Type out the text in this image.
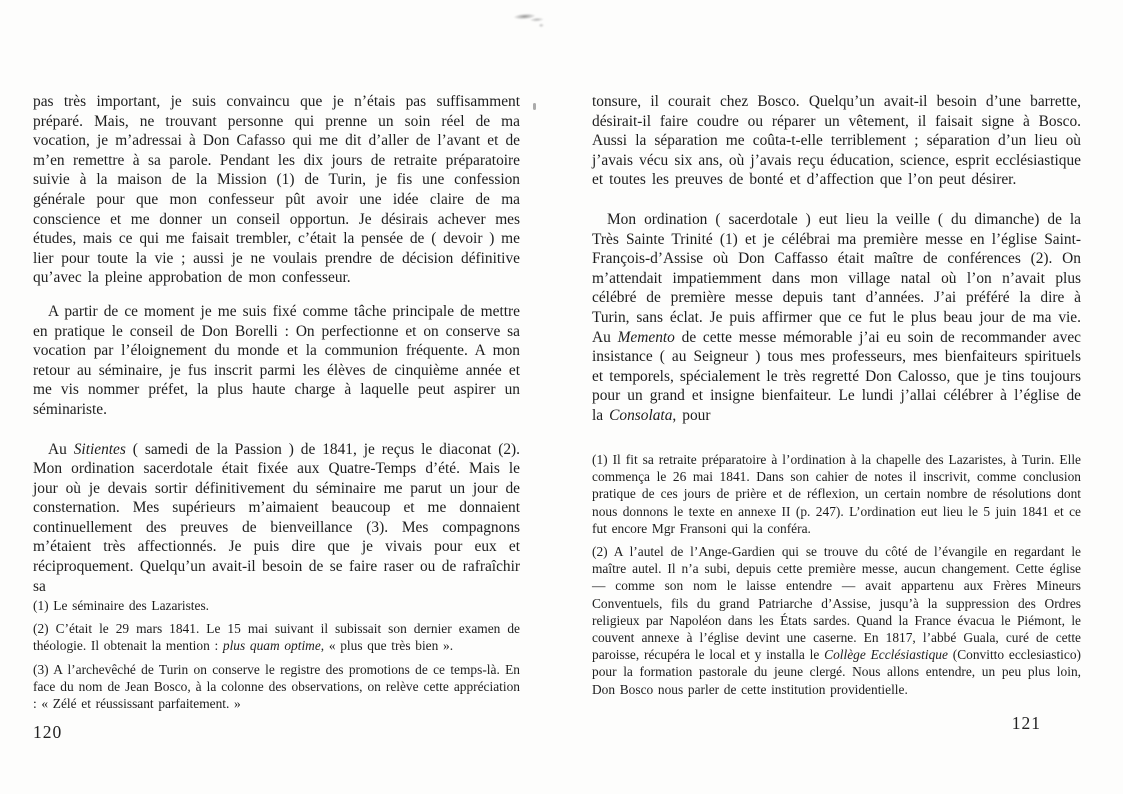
pas très important, je suis convaincu que je n’étais pas suffisamment préparé. Mais, ne trouvant personne qui prenne un soin réel de ma vocation, je m’adressai à Don Cafasso qui me dit d’aller de l’avant et de m’en remettre à sa parole. Pendant les dix jours de retraite préparatoire suivie à la maison de la Mission (1) de Turin, je fis une confession générale pour que mon confesseur pût avoir une idée claire de ma conscience et me donner un conseil opportun. Je désirais achever mes études, mais ce qui me faisait trembler, c’était la pensée de ( devoir ) me lier pour toute la vie ; aussi je ne voulais prendre de décision définitive qu’avec la pleine approbation de mon confesseur.

A partir de ce moment je me suis fixé comme tâche principale de mettre en pratique le conseil de Don Borelli : On perfectionne et on conserve sa vocation par l’éloignement du monde et la communion fréquente. A mon retour au séminaire, je fus inscrit parmi les élèves de cinquième année et me vis nommer préfet, la plus haute charge à laquelle peut aspirer un séminariste.

Au Sitientes ( samedi de la Passion ) de 1841, je reçus le diaconat (2). Mon ordination sacerdotale était fixée aux Quatre-Temps d’été. Mais le jour où je devais sortir définitivement du séminaire me parut un jour de consternation. Mes supérieurs m’aimaient beaucoup et me donnaient continuellement des preuves de bienveillance (3). Mes compagnons m’étaient très affectionnés. Je puis dire que je vivais pour eux et réciproquement. Quelqu’un avait-il besoin de se faire raser ou de rafraîchir sa

(1) Le séminaire des Lazaristes.

(2) C’était le 29 mars 1841. Le 15 mai suivant il subissait son dernier examen de théologie. Il obtenait la mention : plus quam optime, « plus que très bien ».

(3) A l’archevêché de Turin on conserve le registre des promotions de ce temps-là. En face du nom de Jean Bosco, à la colonne des observations, on relève cette appréciation : « Zélé et réussissant parfaitement. »

120

tonsure, il courait chez Bosco. Quelqu’un avait-il besoin d’une barrette, désirait-il faire coudre ou réparer un vêtement, il faisait signe à Bosco. Aussi la séparation me coûta-t-elle terriblement ; séparation d’un lieu où j’avais vécu six ans, où j’avais reçu éducation, science, esprit ecclésiastique et toutes les preuves de bonté et d’affection que l’on peut désirer.

Mon ordination ( sacerdotale ) eut lieu la veille ( du dimanche) de la Très Sainte Trinité (1) et je célébrai ma première messe en l’église Saint-François-d’Assise où Don Caffasso était maître de conférences (2). On m’attendait impatiemment dans mon village natal où l’on n’avait plus célébré de première messe depuis tant d’années. J’ai préféré la dire à Turin, sans éclat. Je puis affirmer que ce fut le plus beau jour de ma vie. Au Memento de cette messe mémorable j’ai eu soin de recommander avec insistance ( au Seigneur ) tous mes professeurs, mes bienfaiteurs spirituels et temporels, spécialement le très regretté Don Calosso, que je tins toujours pour un grand et insigne bienfaiteur. Le lundi j’allai célébrer à l’église de la Consolata, pour

(1) Il fit sa retraite préparatoire à l’ordination à la chapelle des Lazaristes, à Turin. Elle commença le 26 mai 1841. Dans son cahier de notes il inscrivit, comme conclusion pratique de ces jours de prière et de réflexion, un certain nombre de résolutions dont nous donnons le texte en annexe II (p. 247). L’ordination eut lieu le 5 juin 1841 et ce fut encore Mgr Fransoni qui la conféra.

(2) A l’autel de l’Ange-Gardien qui se trouve du côté de l’évangile en regardant le maître autel. Il n’a subi, depuis cette première messe, aucun changement. Cette église — comme son nom le laisse entendre — avait appartenu aux Frères Mineurs Conventuels, fils du grand Patriarche d’Assise, jusqu’à la suppression des Ordres religieux par Napoléon dans les États sardes. Quand la France évacua le Piémont, le couvent annexe à l’église devint une caserne. En 1817, l’abbé Guala, curé de cette paroisse, récupéra le local et y installa le Collège Ecclésiastique (Convitto ecclesiastico) pour la formation pastorale du jeune clergé. Nous allons entendre, un peu plus loin, Don Bosco nous parler de cette institution providentielle.

121
